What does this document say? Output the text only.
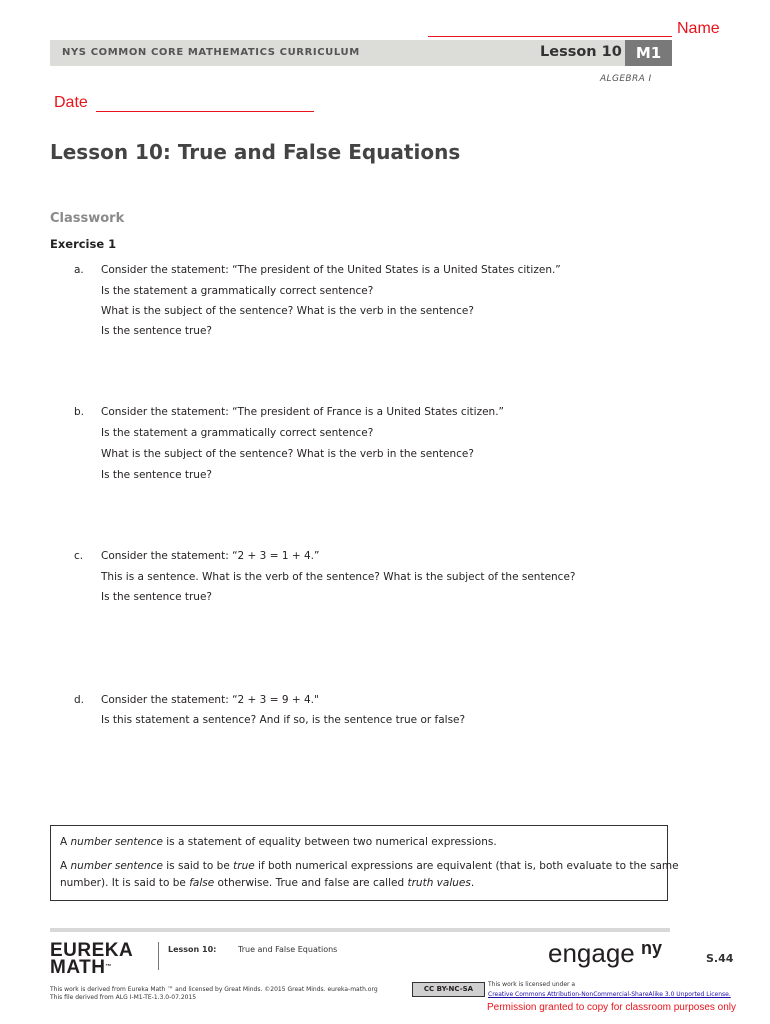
Name
NYS COMMON CORE MATHEMATICS CURRICULUM	Lesson 10 M1
ALGEBRA I
Date
Lesson 10: True and False Equations
Classwork
Exercise 1
a. Consider the statement: “The president of the United States is a United States citizen.”
Is the statement a grammatically correct sentence?
What is the subject of the sentence? What is the verb in the sentence?
Is the sentence true?
b. Consider the statement: “The president of France is a United States citizen.”
Is the statement a grammatically correct sentence?
What is the subject of the sentence? What is the verb in the sentence?
Is the sentence true?
c. Consider the statement: “2 + 3 = 1 + 4.”
This is a sentence. What is the verb of the sentence? What is the subject of the sentence?
Is the sentence true?
d. Consider the statement: “2 + 3 = 9 + 4."
Is this statement a sentence? And if so, is the sentence true or false?
A number sentence is a statement of equality between two numerical expressions.
A number sentence is said to be true if both numerical expressions are equivalent (that is, both evaluate to the same
number). It is said to be false otherwise. True and false are called truth values.
EUREKA
MATH™
Lesson 10:	True and False Equations	engage ny
S.44
This work is derived from Eureka Math ™ and licensed by Great Minds. ©2015 Great Minds. eureka-math.org
This file derived from ALG I-M1-TE-1.3.0-07.2015
CC BY-NC-SA
This work is licensed under a
Creative Commons Attribution-NonCommercial-ShareAlike 3.0 Unported License.
Permission granted to copy for classroom purposes only
